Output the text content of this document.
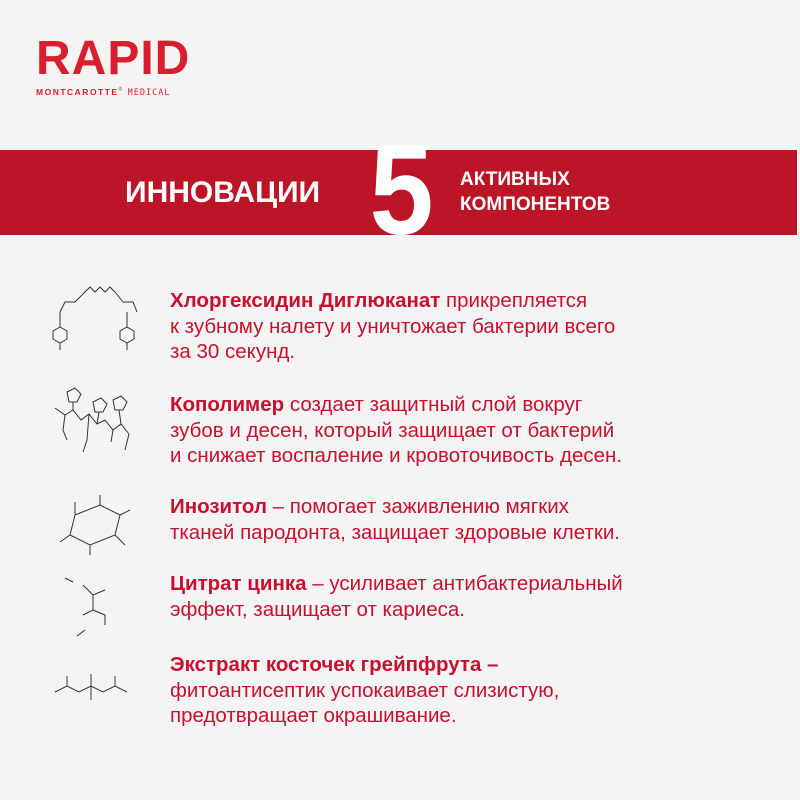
RAPID
MONTCAROTTE® MEDICAL
ИННОВАЦИИ	АКТИВНЫХ
КОМПОНЕНТОВ
5
Хлоргексидин Диглюканат прикрепляется
к зубному налету и уничтожает бактерии всего
за 30 секунд.
Кополимер создает защитный слой вокруг
зубов и десен, который защищает от бактерий
и снижает воспаление и кровоточивость десен.
Инозитол – помогает заживлению мягких
тканей пародонта, защищает здоровые клетки.
Цитрат цинка – усиливает антибактериальный
эффект, защищает от кариеса.
Экстракт косточек грейпфрута –
фитоантисептик успокаивает слизистую,
предотвращает окрашивание.
